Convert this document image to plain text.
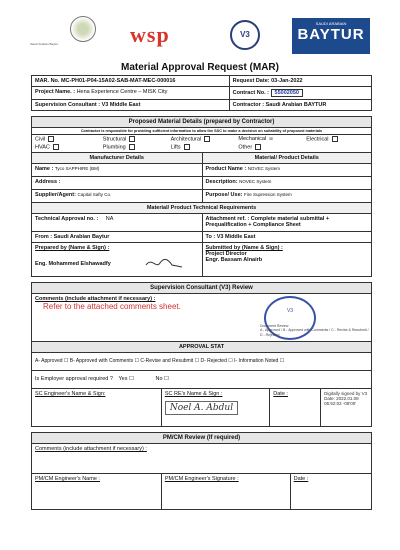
Saudi Arabian Baytur	wsp	V3
SAUDI ARABIAN
BAYTUR
Material Approval Request (MAR)
MAR. No. MC-PH01-P04-15A02-SAB-MAT-MEC-000016	Request Date: 03-Jan-2022
Project Name. : Hena Experience Centre – MISK City	Contract No. : 55002050
Supervision Consultant : V3 Middle East	Contractor : Saudi Arabian BAYTUR
Proposed Material Details (prepared by Contractor)
Contractor is responsible for providing sufficient information to allow the SSC to make a decision on suitability of proposed materials
Civil	Structural	Architectural	Mechanical ☒	Electrical
HVAC	Plumbing	Lifts	Other
Manufacturer Details	Material/ Product Details
Name : Tyco SAPPHIRE (BM)	Product Name : NOVEC System
Address :	Description: NOVEC System
Supplier/Agent: Capital Safty Co.	Purpose/ Use: Fire Supression System
Material/ Product Technical Requirements
Technical Approval no. : NA	Attachment ref. : Complete material submittal + Prequalification + Compliance Sheet
From : Saudi Arabian Baytur	To : V3 Middle East
Prepared by (Name & Sign) :
Eng. Mohammed Elshawadfy
Submitted by (Name & Sign) :
Project Director
Engr. Bassam Alnairb
Supervision Consultant (V3) Review
Comments (include attachment if necessary) :
Refer to the attached comments sheet.	V3
Document Review
A - Approved / B - Approved with Comments / C - Revise & Resubmit / D - Rejected
APPROVAL STAT
A- Approved ☐ B- Approved with Comments ☐ C-Revise and Resubmit ☐ D- Rejected ☐ I- Information Noted ☐
Is Employer approval required ? Yes ☐	No ☐
SC Engineer's Name & Sign:	SC RE's Name & Sign :
Noel A. Abdul
Date :	Digitally signed by V3 Date: 2022.01.08 05:52:02 -08'00'
PM/CM Review (If required)
Comments (include attachment if necessary) :
PM/CM Engineer's Name :	PM/CM Engineer's Signature :	Date :
